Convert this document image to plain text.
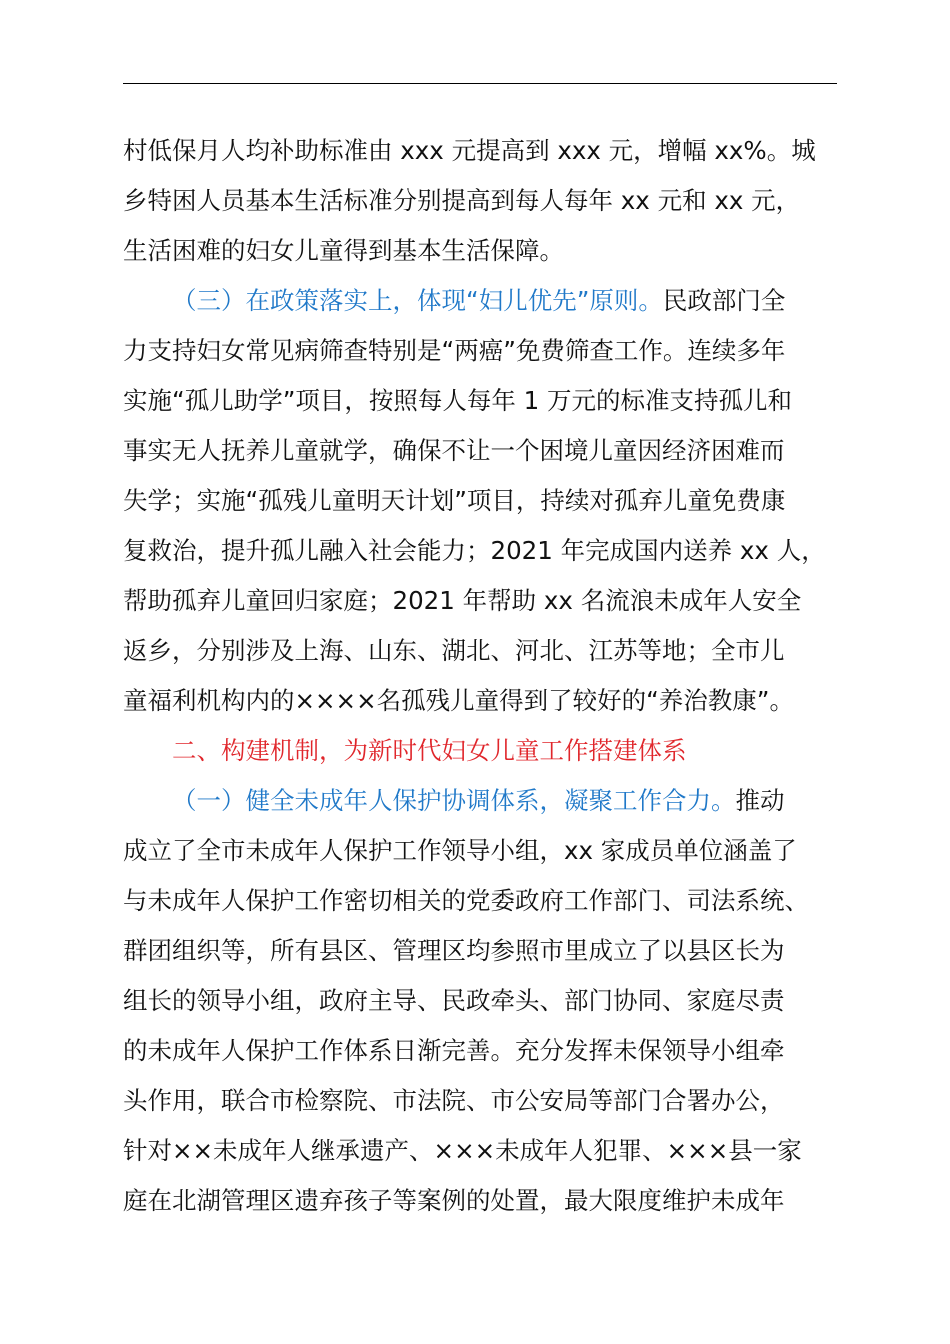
村低保月人均补助标准由 xxx 元提高到 xxx 元，增幅 xx%。城
乡特困人员基本生活标准分别提高到每人每年 xx 元和 xx 元，
生活困难的妇女儿童得到基本生活保障。
（三）在政策落实上，体现“妇儿优先”原则。民政部门全
力支持妇女常见病筛查特别是“两癌”免费筛查工作。连续多年
实施“孤儿助学”项目，按照每人每年 1 万元的标准支持孤儿和
事实无人抚养儿童就学，确保不让一个困境儿童因经济困难而
失学；实施“孤残儿童明天计划”项目，持续对孤弃儿童免费康
复救治，提升孤儿融入社会能力；2021 年完成国内送养 xx 人，
帮助孤弃儿童回归家庭；2021 年帮助 xx 名流浪未成年人安全
返乡，分别涉及上海、山东、湖北、河北、江苏等地；全市儿
童福利机构内的××××名孤残儿童得到了较好的“养治教康”。
二、构建机制，为新时代妇女儿童工作搭建体系
（一）健全未成年人保护协调体系，凝聚工作合力。推动
成立了全市未成年人保护工作领导小组，xx 家成员单位涵盖了
与未成年人保护工作密切相关的党委政府工作部门、司法系统、
群团组织等，所有县区、管理区均参照市里成立了以县区长为
组长的领导小组，政府主导、民政牵头、部门协同、家庭尽责
的未成年人保护工作体系日渐完善。充分发挥未保领导小组牵
头作用，联合市检察院、市法院、市公安局等部门合署办公，
针对××未成年人继承遗产、×××未成年人犯罪、×××县一家
庭在北湖管理区遗弃孩子等案例的处置，最大限度维护未成年
